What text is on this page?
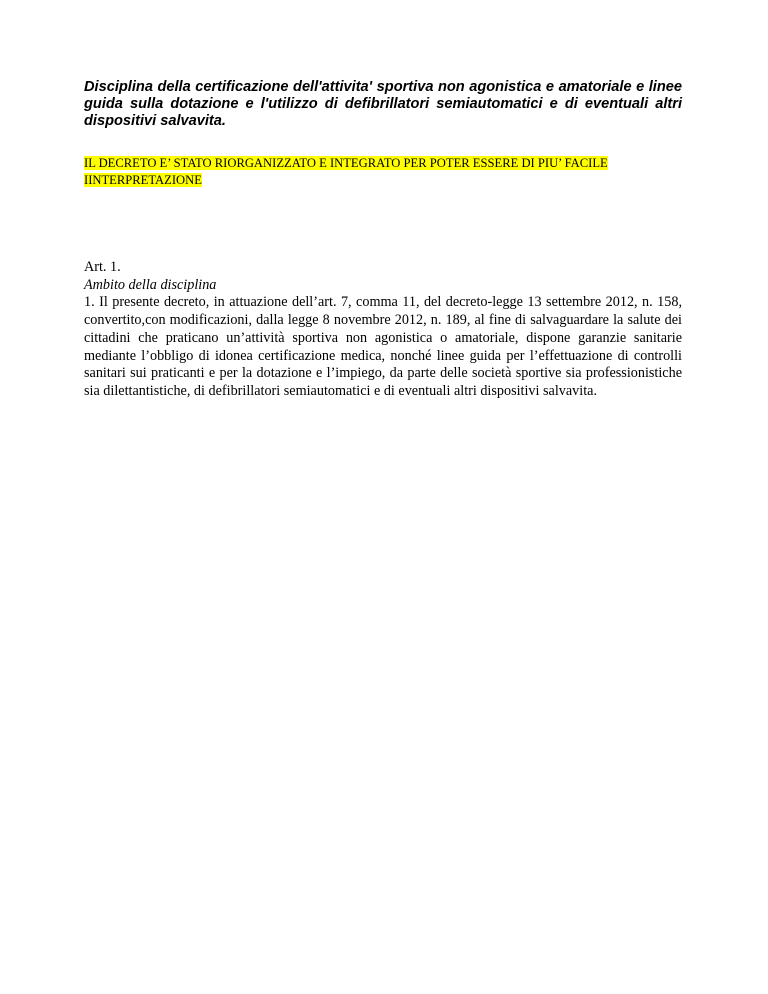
Disciplina della certificazione dell'attivita' sportiva non agonistica e amatoriale e linee guida sulla dotazione e l'utilizzo di defibrillatori semiautomatici e di eventuali altri dispositivi salvavita.

IL DECRETO E’ STATO RIORGANIZZATO E INTEGRATO PER POTER ESSERE DI PIU’ FACILE
IINTERPRETAZIONE

Art. 1.
Ambito della disciplina
1. Il presente decreto, in attuazione dell’art. 7, comma 11, del decreto-legge 13 settembre 2012, n. 158, convertito,con modificazioni, dalla legge 8 novembre 2012, n. 189, al fine di salvaguardare la salute dei cittadini che praticano un’attività sportiva non agonistica o amatoriale, dispone garanzie sanitarie mediante l’obbligo di idonea certificazione medica, nonché linee guida per l’effettuazione di controlli sanitari sui praticanti e per la dotazione e l’impiego, da parte delle società sportive sia professionistiche sia dilettantistiche, di defibrillatori semiautomatici e di eventuali altri dispositivi salvavita.
